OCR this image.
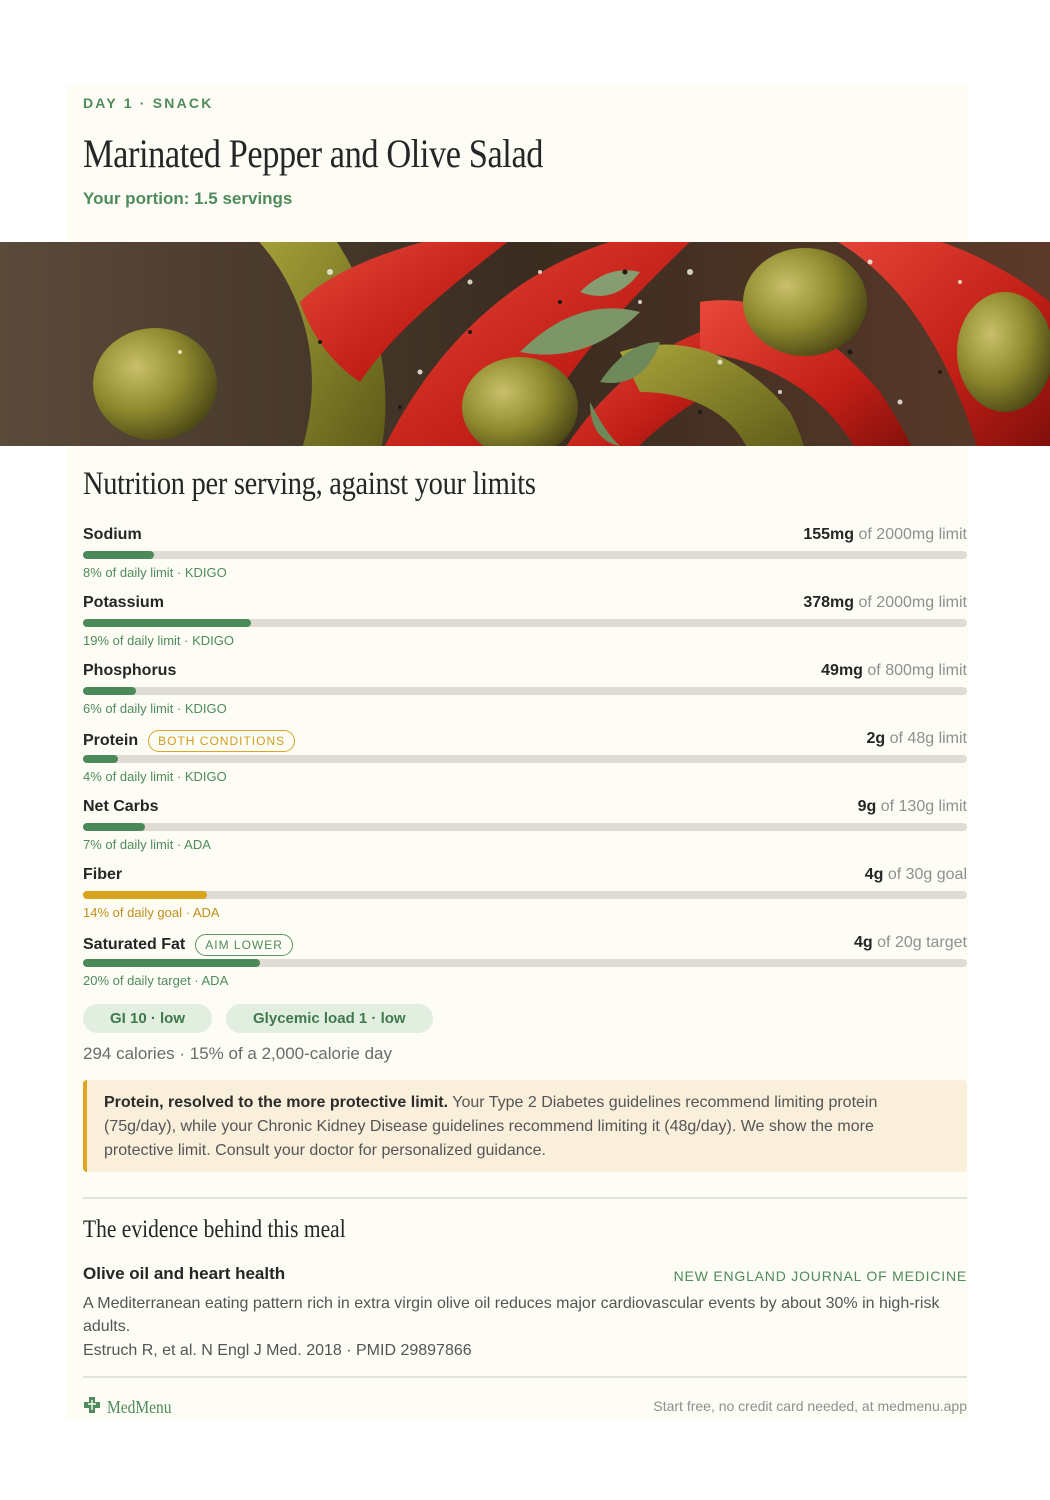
DAY 1 · SNACK
Marinated Pepper and Olive Salad
Your portion: 1.5 servings
Nutrition per serving, against your limits
Sodium	155mg of 2000mg limit
8% of daily limit · KDIGO
Potassium	378mg of 2000mg limit
19% of daily limit · KDIGO
Phosphorus	49mg of 800mg limit
6% of daily limit · KDIGO
Protein	BOTH CONDITIONS	2g of 48g limit
4% of daily limit · KDIGO
Net Carbs	9g of 130g limit
7% of daily limit · ADA
Fiber	4g of 30g goal
14% of daily goal · ADA
Saturated Fat	AIM LOWER	4g of 20g target
20% of daily target · ADA
GI 10 · low	Glycemic load 1 · low
294 calories · 15% of a 2,000-calorie day
Protein, resolved to the more protective limit. Your Type 2 Diabetes guidelines recommend limiting protein (75g/day), while your Chronic Kidney Disease guidelines recommend limiting it (48g/day). We show the more protective limit. Consult your doctor for personalized guidance.
The evidence behind this meal
Olive oil and heart health	NEW ENGLAND JOURNAL OF MEDICINE
A Mediterranean eating pattern rich in extra virgin olive oil reduces major cardiovascular events by about 30% in high-risk adults.
Estruch R, et al. N Engl J Med. 2018 · PMID 29897866
MedMenu	Start free, no credit card needed, at medmenu.app
